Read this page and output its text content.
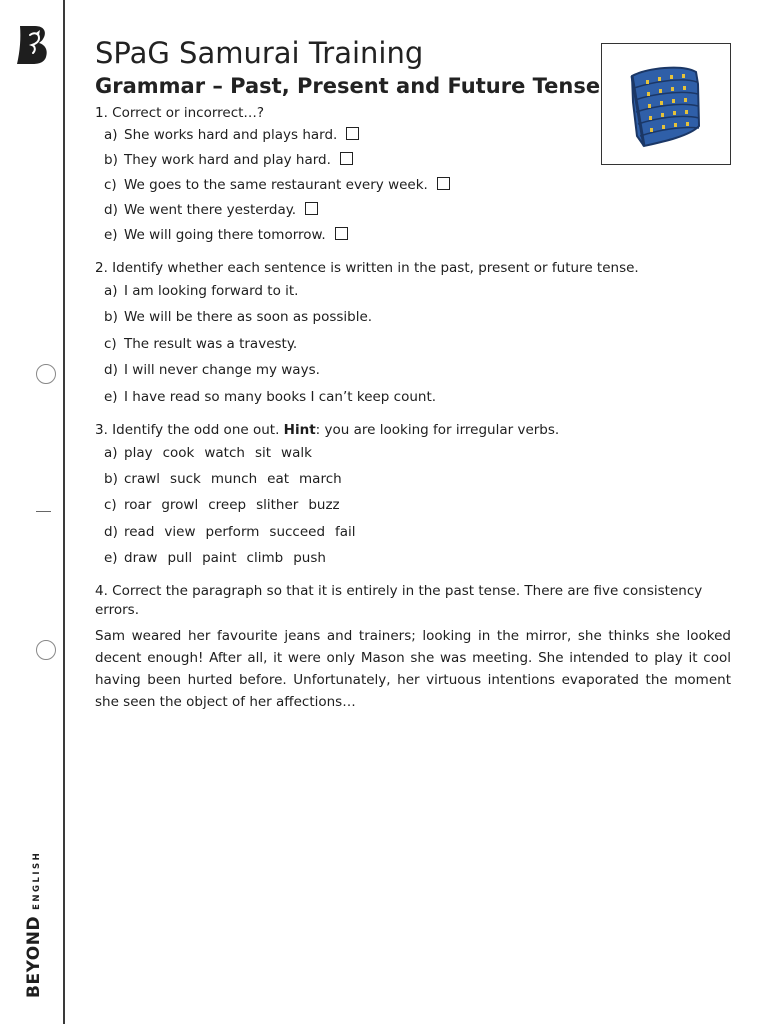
BEYONDENGLISH
SPaG Samurai Training
Grammar – Past, Present and Future Tense
1. Correct or incorrect…?
a) She works hard and plays hard.
b) They work hard and play hard.
c) We goes to the same restaurant every week.
d) We went there yesterday.
e) We will going there tomorrow.
2. Identify whether each sentence is written in the past, present or future tense.
a) I am looking forward to it.
b) We will be there as soon as possible.
c) The result was a travesty.
d) I will never change my ways.
e) I have read so many books I can’t keep count.
3. Identify the odd one out. Hint: you are looking for irregular verbs.
a) play cook watch sit walk
b) crawl suck munch eat march
c) roar growl creep slither buzz
d) read view perform succeed fail
e) draw pull paint climb push
4. Correct the paragraph so that it is entirely in the past tense. There are five consistency errors.

Sam weared her favourite jeans and trainers; looking in the mirror, she thinks she looked decent enough! After all, it were only Mason she was meeting. She intended to play it cool having been hurted before. Unfortunately, her virtuous intentions evaporated the moment she seen the object of her affections…
